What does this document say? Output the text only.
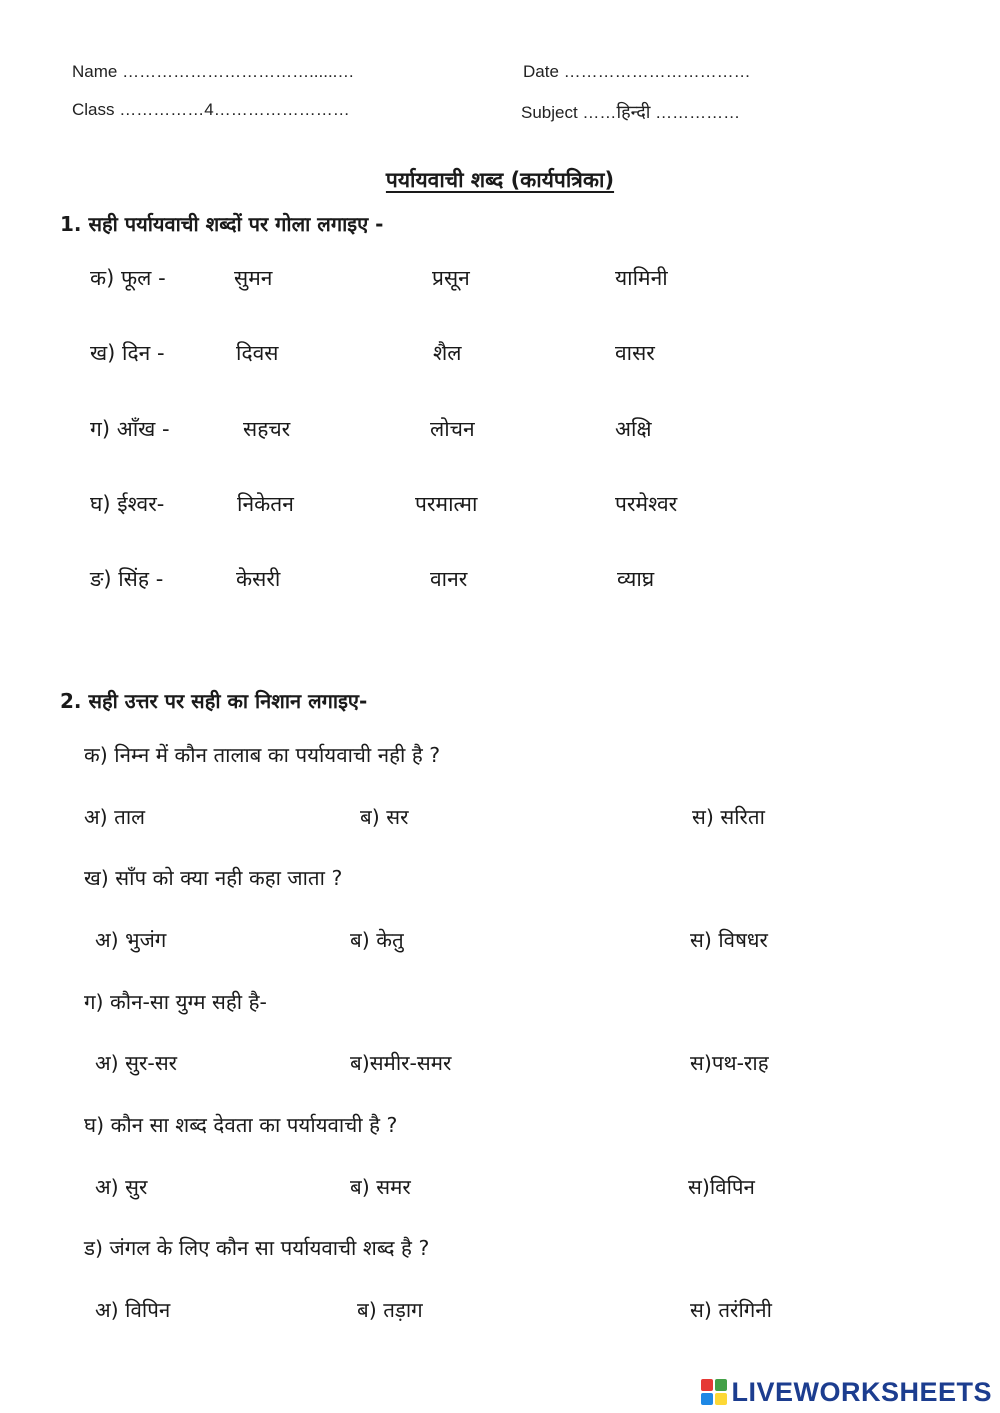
Name ……………………………......…	Date ……………………………
Class ……………4……………………	Subject ……हिन्दी ……………
पर्यायवाची शब्द (कार्यपत्रिका)
1. सही पर्यायवाची शब्दों पर गोला लगाइए -
क) फूल -	सुमन	प्रसून	यामिनी
ख) दिन -	दिवस	शैल	वासर
ग) आँख -	सहचर	लोचन	अक्षि
घ) ईश्वर-	निकेतन	परमात्मा	परमेश्वर
ङ) सिंह -	केसरी	वानर	व्याघ्र
2. सही उत्तर पर सही का निशान लगाइए-
क) निम्न में कौन तालाब का पर्यायवाची नही है ?
अ) ताल	ब) सर	स) सरिता
ख) साँप को क्या नही कहा जाता ?
अ) भुजंग	ब) केतु	स) विषधर
ग) कौन-सा युग्म सही है-
अ) सुर-सर	ब)समीर-समर	स)पथ-राह
घ) कौन सा शब्द देवता का पर्यायवाची है ?
अ) सुर	ब) समर	स)विपिन
ड) जंगल के लिए कौन सा पर्यायवाची शब्द है ?
अ) विपिन	ब) तड़ाग	स) तरंगिनी
LIVEWORKSHEETS
